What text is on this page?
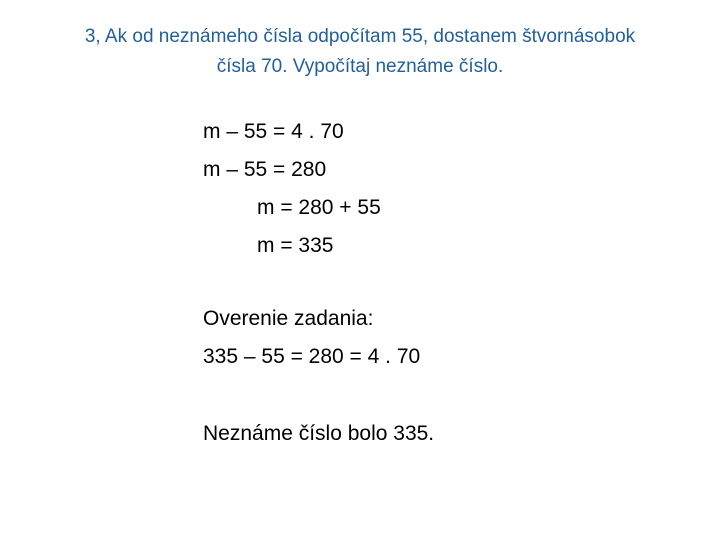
3, Ak od neznámeho čísla odpočítam 55, dostanem štvornásobok
čísla 70. Vypočítaj neznáme číslo.
m – 55 = 4 . 70
m – 55 = 280
m = 280 + 55
m = 335
Overenie zadania:
335 – 55 = 280 = 4 . 70
Neznáme číslo bolo 335.
